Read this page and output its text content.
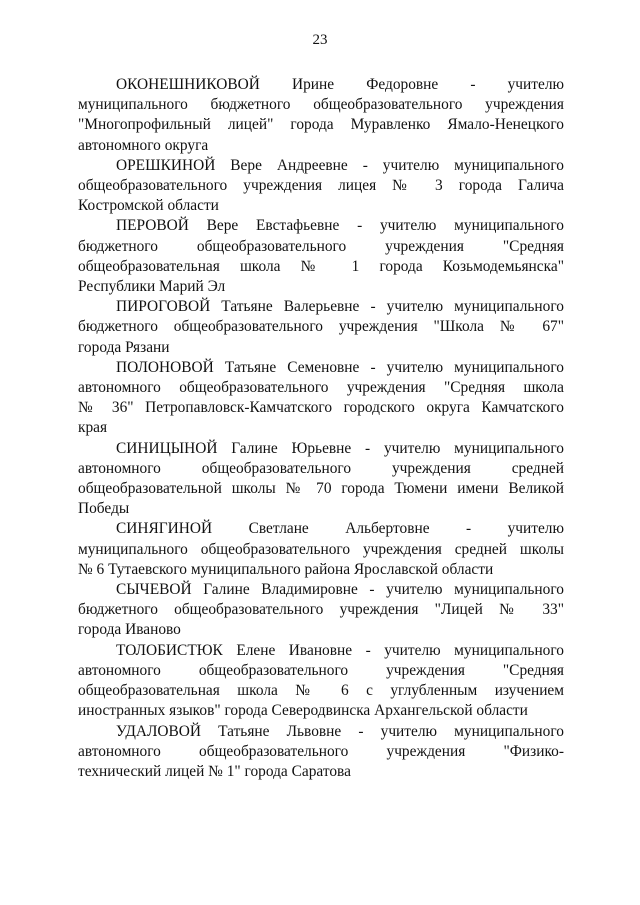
23
ОКОНЕШНИКОВОЙ Ирине Федоровне - учителю
муниципального бюджетного общеобразовательного учреждения
"Многопрофильный лицей" города Муравленко Ямало-Ненецкого
автономного округа
ОРЕШКИНОЙ Вере Андреевне - учителю муниципального
общеобразовательного учреждения лицея № 3 города Галича
Костромской области
ПЕРОВОЙ Вере Евстафьевне - учителю муниципального
бюджетного общеобразовательного учреждения "Средняя
общеобразовательная школа № 1 города Козьмодемьянска"
Республики Марий Эл
ПИРОГОВОЙ Татьяне Валерьевне - учителю муниципального
бюджетного общеобразовательного учреждения "Школа № 67"
города Рязани
ПОЛОНОВОЙ Татьяне Семеновне - учителю муниципального
автономного общеобразовательного учреждения "Средняя школа
№ 36" Петропавловск-Камчатского городского округа Камчатского
края
СИНИЦЫНОЙ Галине Юрьевне - учителю муниципального
автономного общеобразовательного учреждения средней
общеобразовательной школы № 70 города Тюмени имени Великой
Победы
СИНЯГИНОЙ Светлане Альбертовне - учителю
муниципального общеобразовательного учреждения средней школы
№ 6 Тутаевского муниципального района Ярославской области
СЫЧЕВОЙ Галине Владимировне - учителю муниципального
бюджетного общеобразовательного учреждения "Лицей № 33"
города Иваново
ТОЛОБИСТЮК Елене Ивановне - учителю муниципального
автономного общеобразовательного учреждения "Средняя
общеобразовательная школа № 6 с углубленным изучением
иностранных языков" города Северодвинска Архангельской области
УДАЛОВОЙ Татьяне Львовне - учителю муниципального
автономного общеобразовательного учреждения "Физико-
технический лицей № 1" города Саратова
